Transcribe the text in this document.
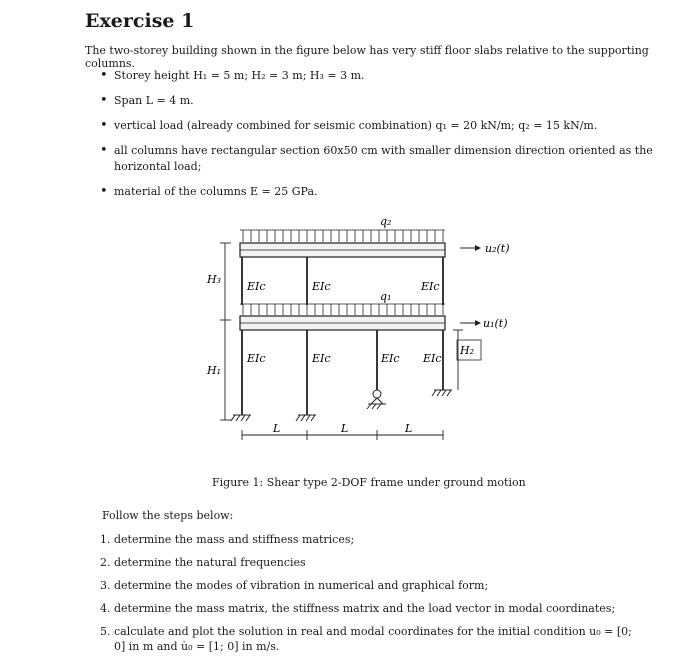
Exercise 1
The two-storey building shown in the figure below has very stiff floor slabs relative to the supporting columns.
• Storey height H₁ = 5 m; H₂ = 3 m; H₃ = 3 m.
• Span L = 4 m.
• vertical load (already combined for seismic combination) q₁ = 20 kN/m; q₂ = 15 kN/m.
• all columns have rectangular section 60x50 cm with smaller dimension direction oriented as the horizontal load;
• material of the columns E = 25 GPa.
q₂
u₂(t)
EIc	EIc	EIc
q₁
u₁(t)
EIc	EIc	EIc EIc
H₃
H₁
H₂
L	L	L
Figure 1: Shear type 2-DOF frame under ground motion
Follow the steps below:
1. determine the mass and stiffness matrices;
2. determine the natural frequencies
3. determine the modes of vibration in numerical and graphical form;
4. determine the mass matrix, the stiffness matrix and the load vector in modal coordinates;
5. calculate and plot the solution in real and modal coordinates for the initial condition u₀ = [0; 0] in m and u̇₀ = [1; 0] in m/s.
